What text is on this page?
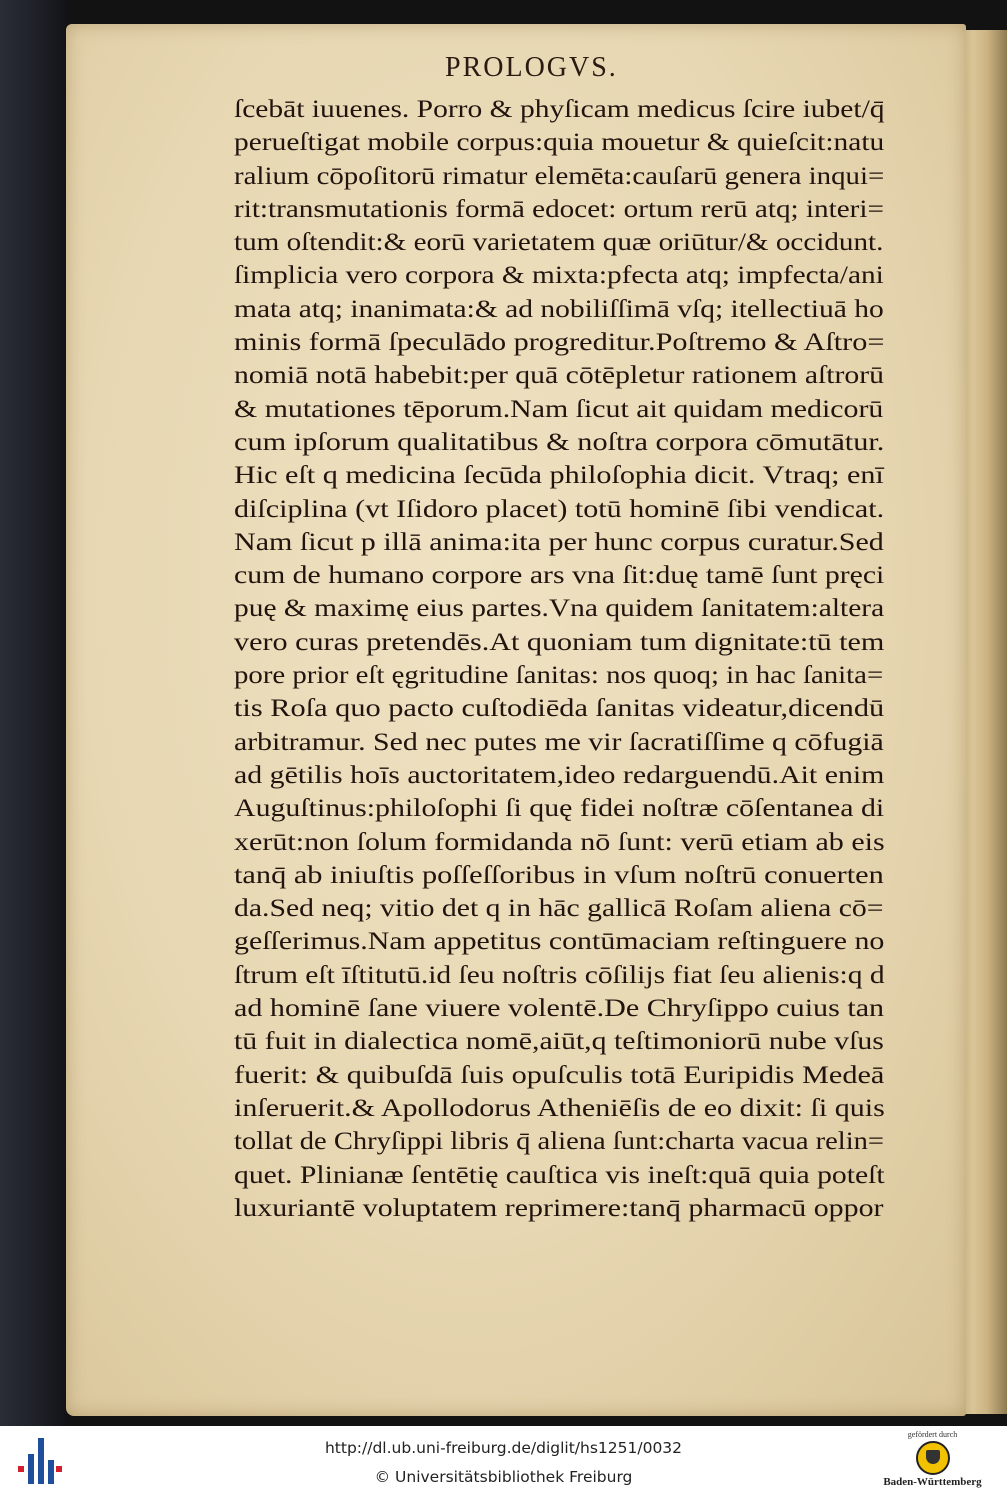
PROLOGVS.
ſcebāt iuuenes. Porro & phyſicam medicus ſcire iubet/q̄
perueſtigat mobile corpus:quia mouetur & quieſcit:natu
ralium cōpoſitorū rimatur elemēta:cauſarū genera inqui=
rit:transmutationis formā edocet: ortum rerū atq; interi=
tum oſtendit:& eorū varietatem quæ oriūtur/& occidunt.
ſimplicia vero corpora & mixta:pfecta atq; impfecta/ani
mata atq; inanimata:& ad nobiliſſimā vſq; itellectiuā ho
minis formā ſpeculādo progreditur.Poſtremo & Aſtro=
nomiā notā habebit:per quā cōtēpletur rationem aſtrorū
& mutationes tēporum.Nam ſicut ait quidam medicorū
cum ipſorum qualitatibus & noſtra corpora cōmutātur.
Hic eſt q medicina ſecūda philoſophia dicit. Vtraq; enī
diſciplina (vt Iſidoro placet) totū hominē ſibi vendicat.
Nam ſicut p illā anima:ita per hunc corpus curatur.Sed
cum de humano corpore ars vna ſit:duę tamē ſunt pręci
puę & maximę eius partes.Vna quidem ſanitatem:altera
vero curas pretendēs.At quoniam tum dignitate:tū tem
pore prior eſt ęgritudine ſanitas: nos quoq; in hac ſanita=
tis Roſa quo pacto cuſtodiēda ſanitas videatur,dicendū
arbitramur. Sed nec putes me vir ſacratiſſime q cōfugiā
ad gētilis hoīs auctoritatem,ideo redarguendū.Ait enim
Auguſtinus:philoſophi ſi quę fidei noſtræ cōſentanea di
xerūt:non ſolum formidanda nō ſunt: verū etiam ab eis
tanq̄ ab iniuſtis poſſeſſoribus in vſum noſtrū conuerten
da.Sed neq; vitio det q in hāc gallicā Roſam aliena cō=
geſſerimus.Nam appetitus contūmaciam reſtinguere no
ſtrum eſt īſtitutū.id ſeu noſtris cōſilijs fiat ſeu alienis:q d
ad hominē ſane viuere volentē.De Chryſippo cuius tan
tū fuit in dialectica nomē,aiūt,q teſtimoniorū nube vſus
fuerit: & quibuſdā ſuis opuſculis totā Euripidis Medeā
inſeruerit.& Apollodorus Atheniēſis de eo dixit: ſi quis
tollat de Chryſippi libris q̄ aliena ſunt:charta vacua relin=
quet. Plinianæ ſentētię cauſtica vis ineſt:quā quia poteſt
luxuriantē voluptatem reprimere:tanq̄ pharmacū oppor
http://dl.ub.uni-freiburg.de/diglit/hs1251/0032
© Universitätsbibliothek Freiburg
gefördert durch
Baden-Württemberg
